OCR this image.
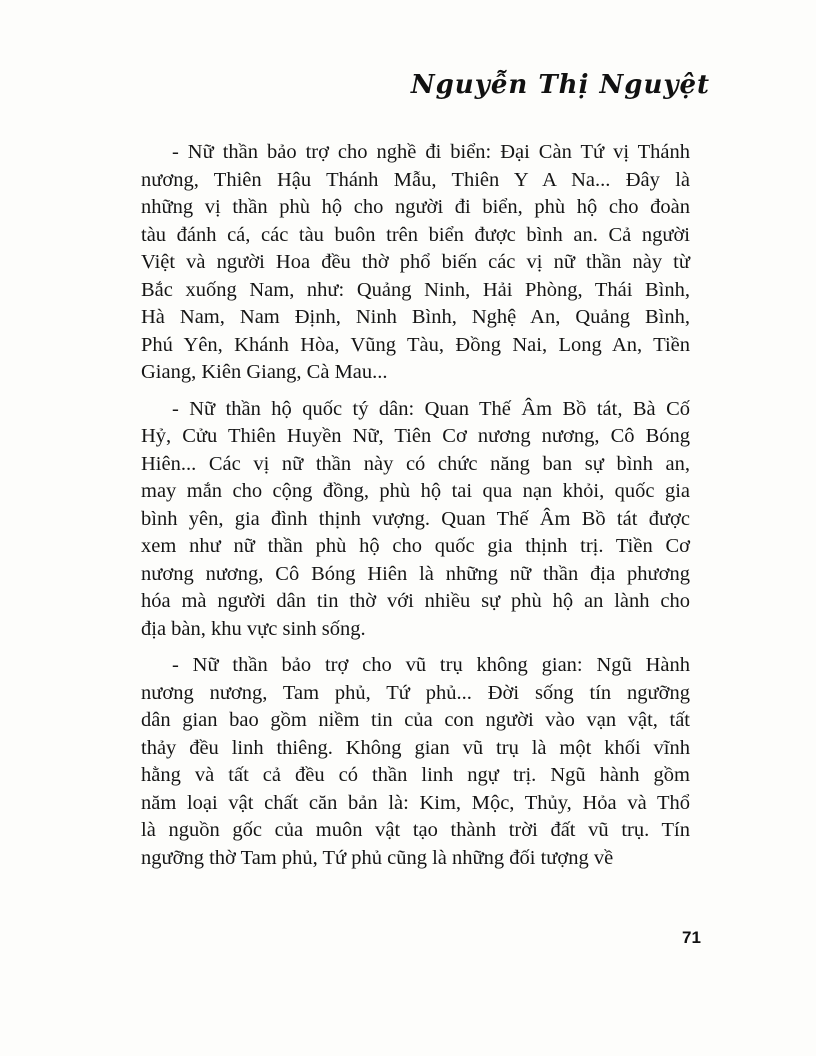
Nguyễn Thị Nguyệt
- Nữ thần bảo trợ cho nghề đi biển: Đại Càn Tứ vị Thánh
nương, Thiên Hậu Thánh Mẫu, Thiên Y A Na... Đây là
những vị thần phù hộ cho người đi biển, phù hộ cho đoàn
tàu đánh cá, các tàu buôn trên biển được bình an. Cả người
Việt và người Hoa đều thờ phổ biến các vị nữ thần này từ
Bắc xuống Nam, như: Quảng Ninh, Hải Phòng, Thái Bình,
Hà Nam, Nam Định, Ninh Bình, Nghệ An, Quảng Bình,
Phú Yên, Khánh Hòa, Vũng Tàu, Đồng Nai, Long An, Tiền
Giang, Kiên Giang, Cà Mau...
- Nữ thần hộ quốc tý dân: Quan Thế Âm Bồ tát, Bà Cố
Hỷ, Cửu Thiên Huyền Nữ, Tiên Cơ nương nương, Cô Bóng
Hiên... Các vị nữ thần này có chức năng ban sự bình an,
may mắn cho cộng đồng, phù hộ tai qua nạn khỏi, quốc gia
bình yên, gia đình thịnh vượng. Quan Thế Âm Bồ tát được
xem như nữ thần phù hộ cho quốc gia thịnh trị. Tiền Cơ
nương nương, Cô Bóng Hiên là những nữ thần địa phương
hóa mà người dân tin thờ với nhiều sự phù hộ an lành cho
địa bàn, khu vực sinh sống.
- Nữ thần bảo trợ cho vũ trụ không gian: Ngũ Hành
nương nương, Tam phủ, Tứ phủ... Đời sống tín ngưỡng
dân gian bao gồm niềm tin của con người vào vạn vật, tất
thảy đều linh thiêng. Không gian vũ trụ là một khối vĩnh
hằng và tất cả đều có thần linh ngự trị. Ngũ hành gồm
năm loại vật chất căn bản là: Kim, Mộc, Thủy, Hỏa và Thổ
là nguồn gốc của muôn vật tạo thành trời đất vũ trụ. Tín
ngưỡng thờ Tam phủ, Tứ phủ cũng là những đối tượng về
71
